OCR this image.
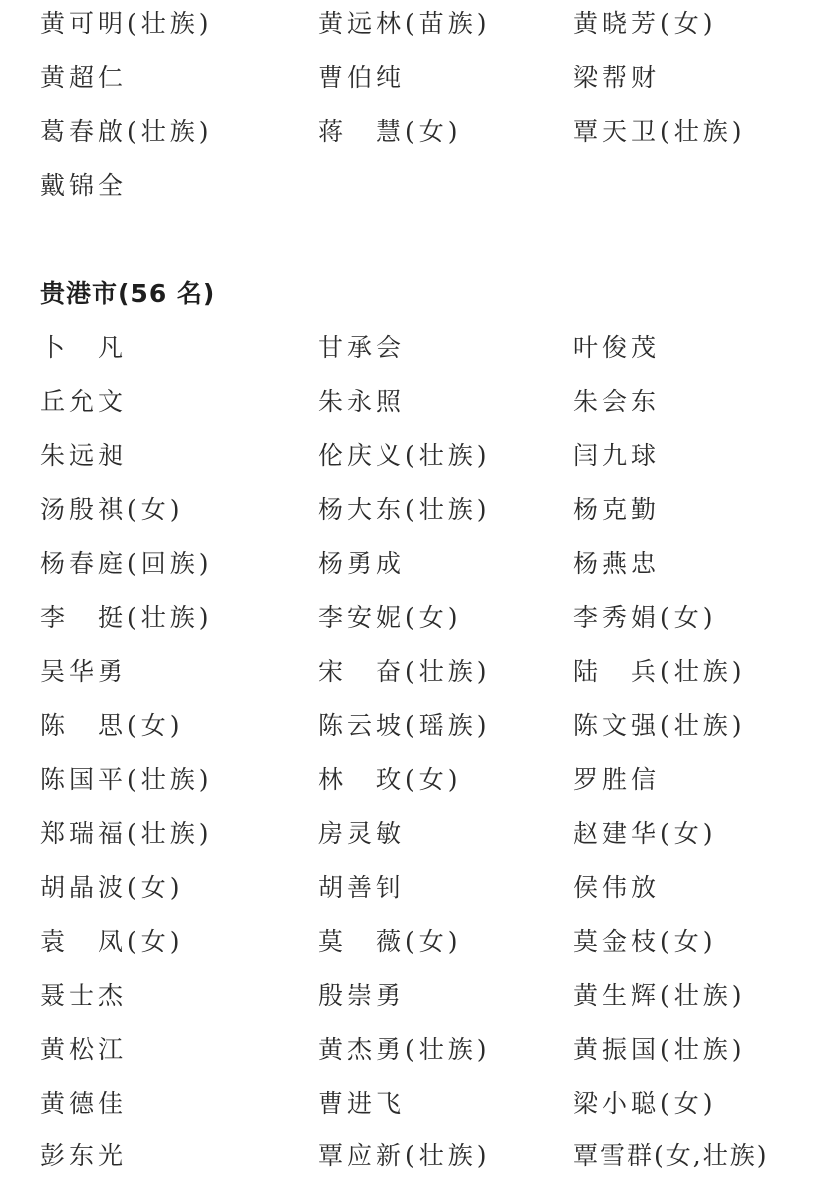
黄可明(壮族)	黄远林(苗族)	黄晓芳(女)
黄超仁	曹伯纯	梁帮财
葛春啟(壮族)	蒋　慧(女)	覃天卫(壮族)
戴锦全
贵港市(56 名)
卜　凡	甘承会	叶俊茂
丘允文	朱永照	朱会东
朱远昶	伦庆义(壮族)	闫九球
汤殷祺(女)	杨大东(壮族)	杨克勤
杨春庭(回族)	杨勇成	杨燕忠
李　挺(壮族)	李安妮(女)	李秀娟(女)
吴华勇	宋　奋(壮族)	陆　兵(壮族)
陈　思(女)	陈云坡(瑶族)	陈文强(壮族)
陈国平(壮族)	林　玫(女)	罗胜信
郑瑞福(壮族)	房灵敏	赵建华(女)
胡晶波(女)	胡善钊	侯伟放
袁　凤(女)	莫　薇(女)	莫金枝(女)
聂士杰	殷崇勇	黄生辉(壮族)
黄松江	黄杰勇(壮族)	黄振国(壮族)
黄德佳	曹进飞	梁小聪(女)
彭东光	覃应新(壮族)	覃雪群(女,壮族)
